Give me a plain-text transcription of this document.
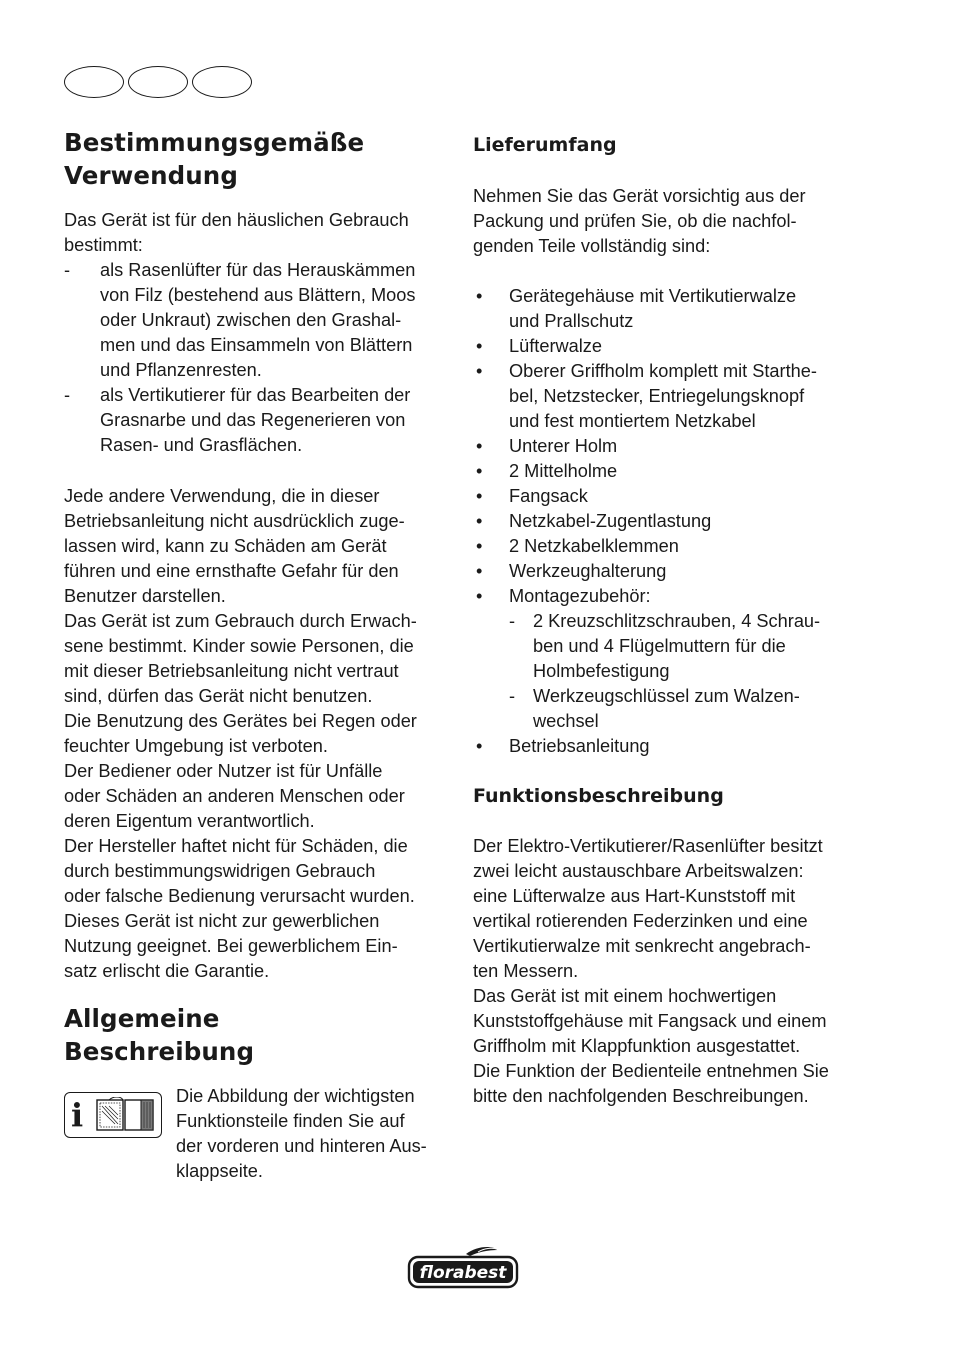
Bestimmungsgemäße
Verwendung
Das Gerät ist für den häuslichen Gebrauch
bestimmt:
- als Rasenlüfter für das Herauskämmen
von Filz (bestehend aus Blättern, Moos
oder Unkraut) zwischen den Grashal-
men und das Einsammeln von Blättern
und Pflanzenresten.
- als Vertikutierer für das Bearbeiten der
Grasnarbe und das Regenerieren von
Rasen- und Grasflächen.
Jede andere Verwendung, die in dieser
Betriebsanleitung nicht ausdrücklich zuge-
lassen wird, kann zu Schäden am Gerät
führen und eine ernsthafte Gefahr für den
Benutzer darstellen.
Das Gerät ist zum Gebrauch durch Erwach-
sene bestimmt. Kinder sowie Personen, die
mit dieser Betriebsanleitung nicht vertraut
sind, dürfen das Gerät nicht benutzen.
Die Benutzung des Gerätes bei Regen oder
feuchter Umgebung ist verboten.
Der Bediener oder Nutzer ist für Unfälle
oder Schäden an anderen Menschen oder
deren Eigentum verantwortlich.
Der Hersteller haftet nicht für Schäden, die
durch bestimmungswidrigen Gebrauch
oder falsche Bedienung verursacht wurden.
Dieses Gerät ist nicht zur gewerblichen
Nutzung geeignet. Bei gewerblichem Ein-
satz erlischt die Garantie.
Allgemeine
Beschreibung
i	Die Abbildung der wichtigsten
Funktionsteile finden Sie auf
der vorderen und hinteren Aus-
klappseite.
Lieferumfang
Nehmen Sie das Gerät vorsichtig aus der
Packung und prüfen Sie, ob die nachfol-
genden Teile vollständig sind:
• Gerätegehäuse mit Vertikutierwalze
und Prallschutz
• Lüfterwalze
• Oberer Griffholm komplett mit Starthe-
bel, Netzstecker, Entriegelungsknopf
und fest montiertem Netzkabel
• Unterer Holm
• 2 Mittelholme
• Fangsack
• Netzkabel-Zugentlastung
• 2 Netzkabelklemmen
• Werkzeughalterung
• Montagezubehör:
- 2 Kreuzschlitzschrauben, 4 Schrau-
ben und 4 Flügelmuttern für die
Holmbefestigung
- Werkzeugschlüssel zum Walzen-
wechsel
• Betriebsanleitung
Funktionsbeschreibung
Der Elektro-Vertikutierer/Rasenlüfter besitzt
zwei leicht austauschbare Arbeitswalzen:
eine Lüfterwalze aus Hart-Kunststoff mit
vertikal rotierenden Federzinken und eine
Vertikutierwalze mit senkrecht angebrach-
ten Messern.
Das Gerät ist mit einem hochwertigen
Kunststoffgehäuse mit Fangsack und einem
Griffholm mit Klappfunktion ausgestattet.
Die Funktion der Bedienteile entnehmen Sie
bitte den nachfolgenden Beschreibungen.
florabest
